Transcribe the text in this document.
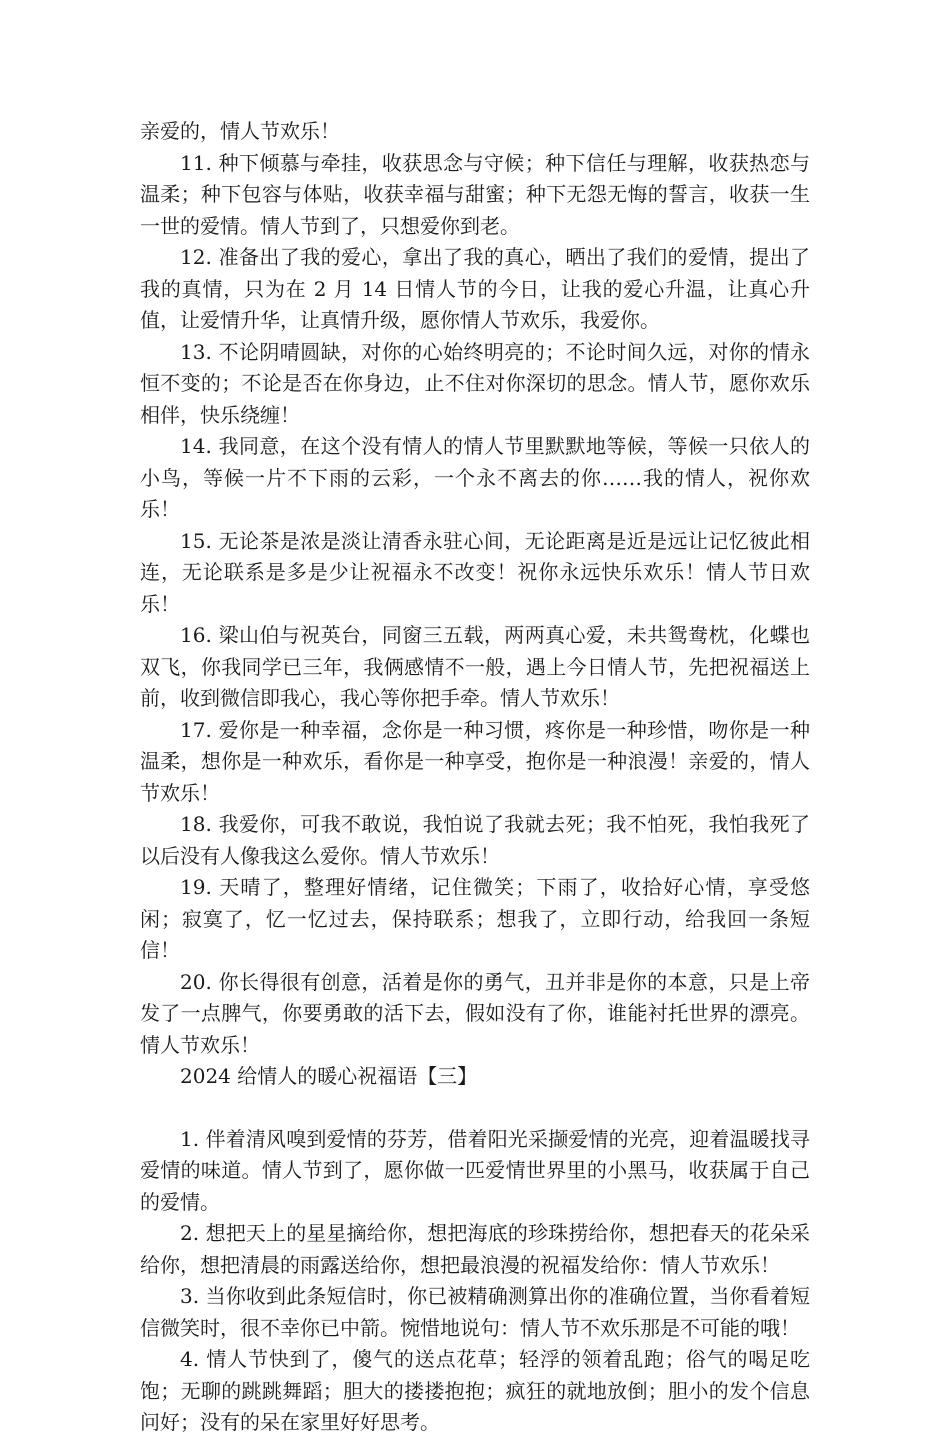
亲爱的，情人节欢乐！

11. 种下倾慕与牵挂，收获思念与守候；种下信任与理解，收获热恋与温柔；种下包容与体贴，收获幸福与甜蜜；种下无怨无悔的誓言，收获一生一世的爱情。情人节到了，只想爱你到老。

12. 准备出了我的爱心，拿出了我的真心，晒出了我们的爱情，提出了我的真情，只为在 2 月 14 日情人节的今日，让我的爱心升温，让真心升值，让爱情升华，让真情升级，愿你情人节欢乐，我爱你。

13. 不论阴晴圆缺，对你的心始终明亮的；不论时间久远，对你的情永恒不变的；不论是否在你身边，止不住对你深切的思念。情人节，愿你欢乐相伴，快乐绕缠！

14. 我同意，在这个没有情人的情人节里默默地等候，等候一只依人的小鸟，等候一片不下雨的云彩，一个永不离去的你……我的情人，祝你欢乐！

15. 无论茶是浓是淡让清香永驻心间，无论距离是近是远让记忆彼此相连，无论联系是多是少让祝福永不改变！祝你永远快乐欢乐！情人节日欢乐！

16. 梁山伯与祝英台，同窗三五载，两两真心爱，未共鸳鸯枕，化蝶也双飞，你我同学已三年，我俩感情不一般，遇上今日情人节，先把祝福送上前，收到微信即我心，我心等你把手牵。情人节欢乐！

17. 爱你是一种幸福，念你是一种习惯，疼你是一种珍惜，吻你是一种温柔，想你是一种欢乐，看你是一种享受，抱你是一种浪漫！亲爱的，情人节欢乐！

18. 我爱你，可我不敢说，我怕说了我就去死；我不怕死，我怕我死了以后没有人像我这么爱你。情人节欢乐！

19. 天晴了，整理好情绪，记住微笑；下雨了，收拾好心情，享受悠闲；寂寞了，忆一忆过去，保持联系；想我了，立即行动，给我回一条短信！

20. 你长得很有创意，活着是你的勇气，丑并非是你的本意，只是上帝发了一点脾气，你要勇敢的活下去，假如没有了你，谁能衬托世界的漂亮。情人节欢乐！

2024 给情人的暖心祝福语【三】

1. 伴着清风嗅到爱情的芬芳，借着阳光采撷爱情的光亮，迎着温暖找寻爱情的味道。情人节到了，愿你做一匹爱情世界里的小黑马，收获属于自己的爱情。

2. 想把天上的星星摘给你，想把海底的珍珠捞给你，想把春天的花朵采给你，想把清晨的雨露送给你，想把最浪漫的祝福发给你：情人节欢乐！

3. 当你收到此条短信时，你已被精确测算出你的准确位置，当你看着短信微笑时，很不幸你已中箭。惋惜地说句：情人节不欢乐那是不可能的哦！

4. 情人节快到了，傻气的送点花草；轻浮的领着乱跑；俗气的喝足吃饱；无聊的跳跳舞蹈；胆大的搂搂抱抱；疯狂的就地放倒；胆小的发个信息问好；没有的呆在家里好好思考。
